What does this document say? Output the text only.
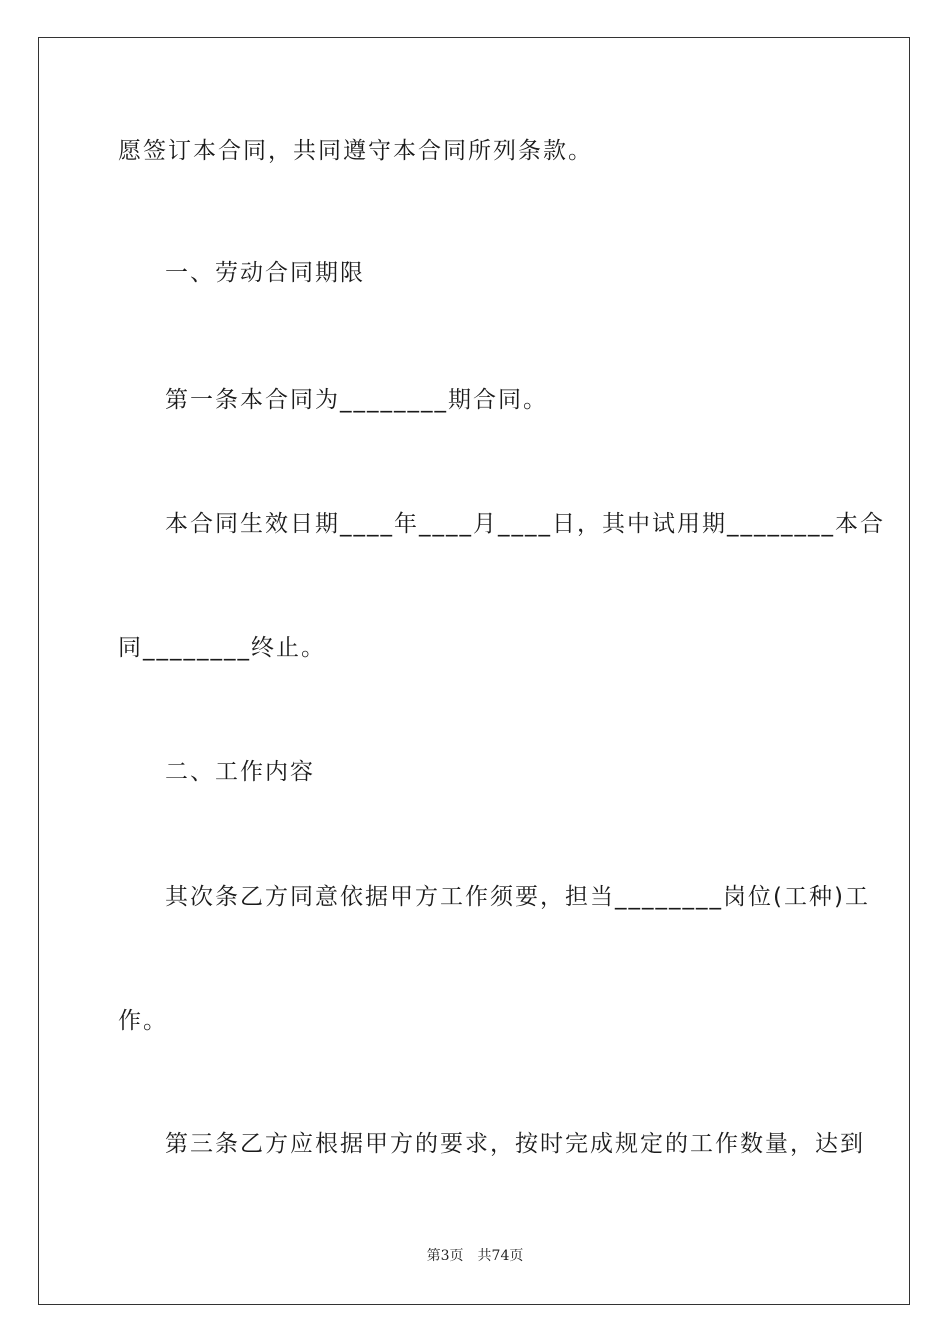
愿签订本合同，共同遵守本合同所列条款。
一、劳动合同期限
第一条本合同为________期合同。
本合同生效日期____年____月____日，其中试用期________本合
同________终止。
二、工作内容
其次条乙方同意依据甲方工作须要，担当________岗位(工种)工
作。
第三条乙方应根据甲方的要求，按时完成规定的工作数量，达到
第3页 共74页
